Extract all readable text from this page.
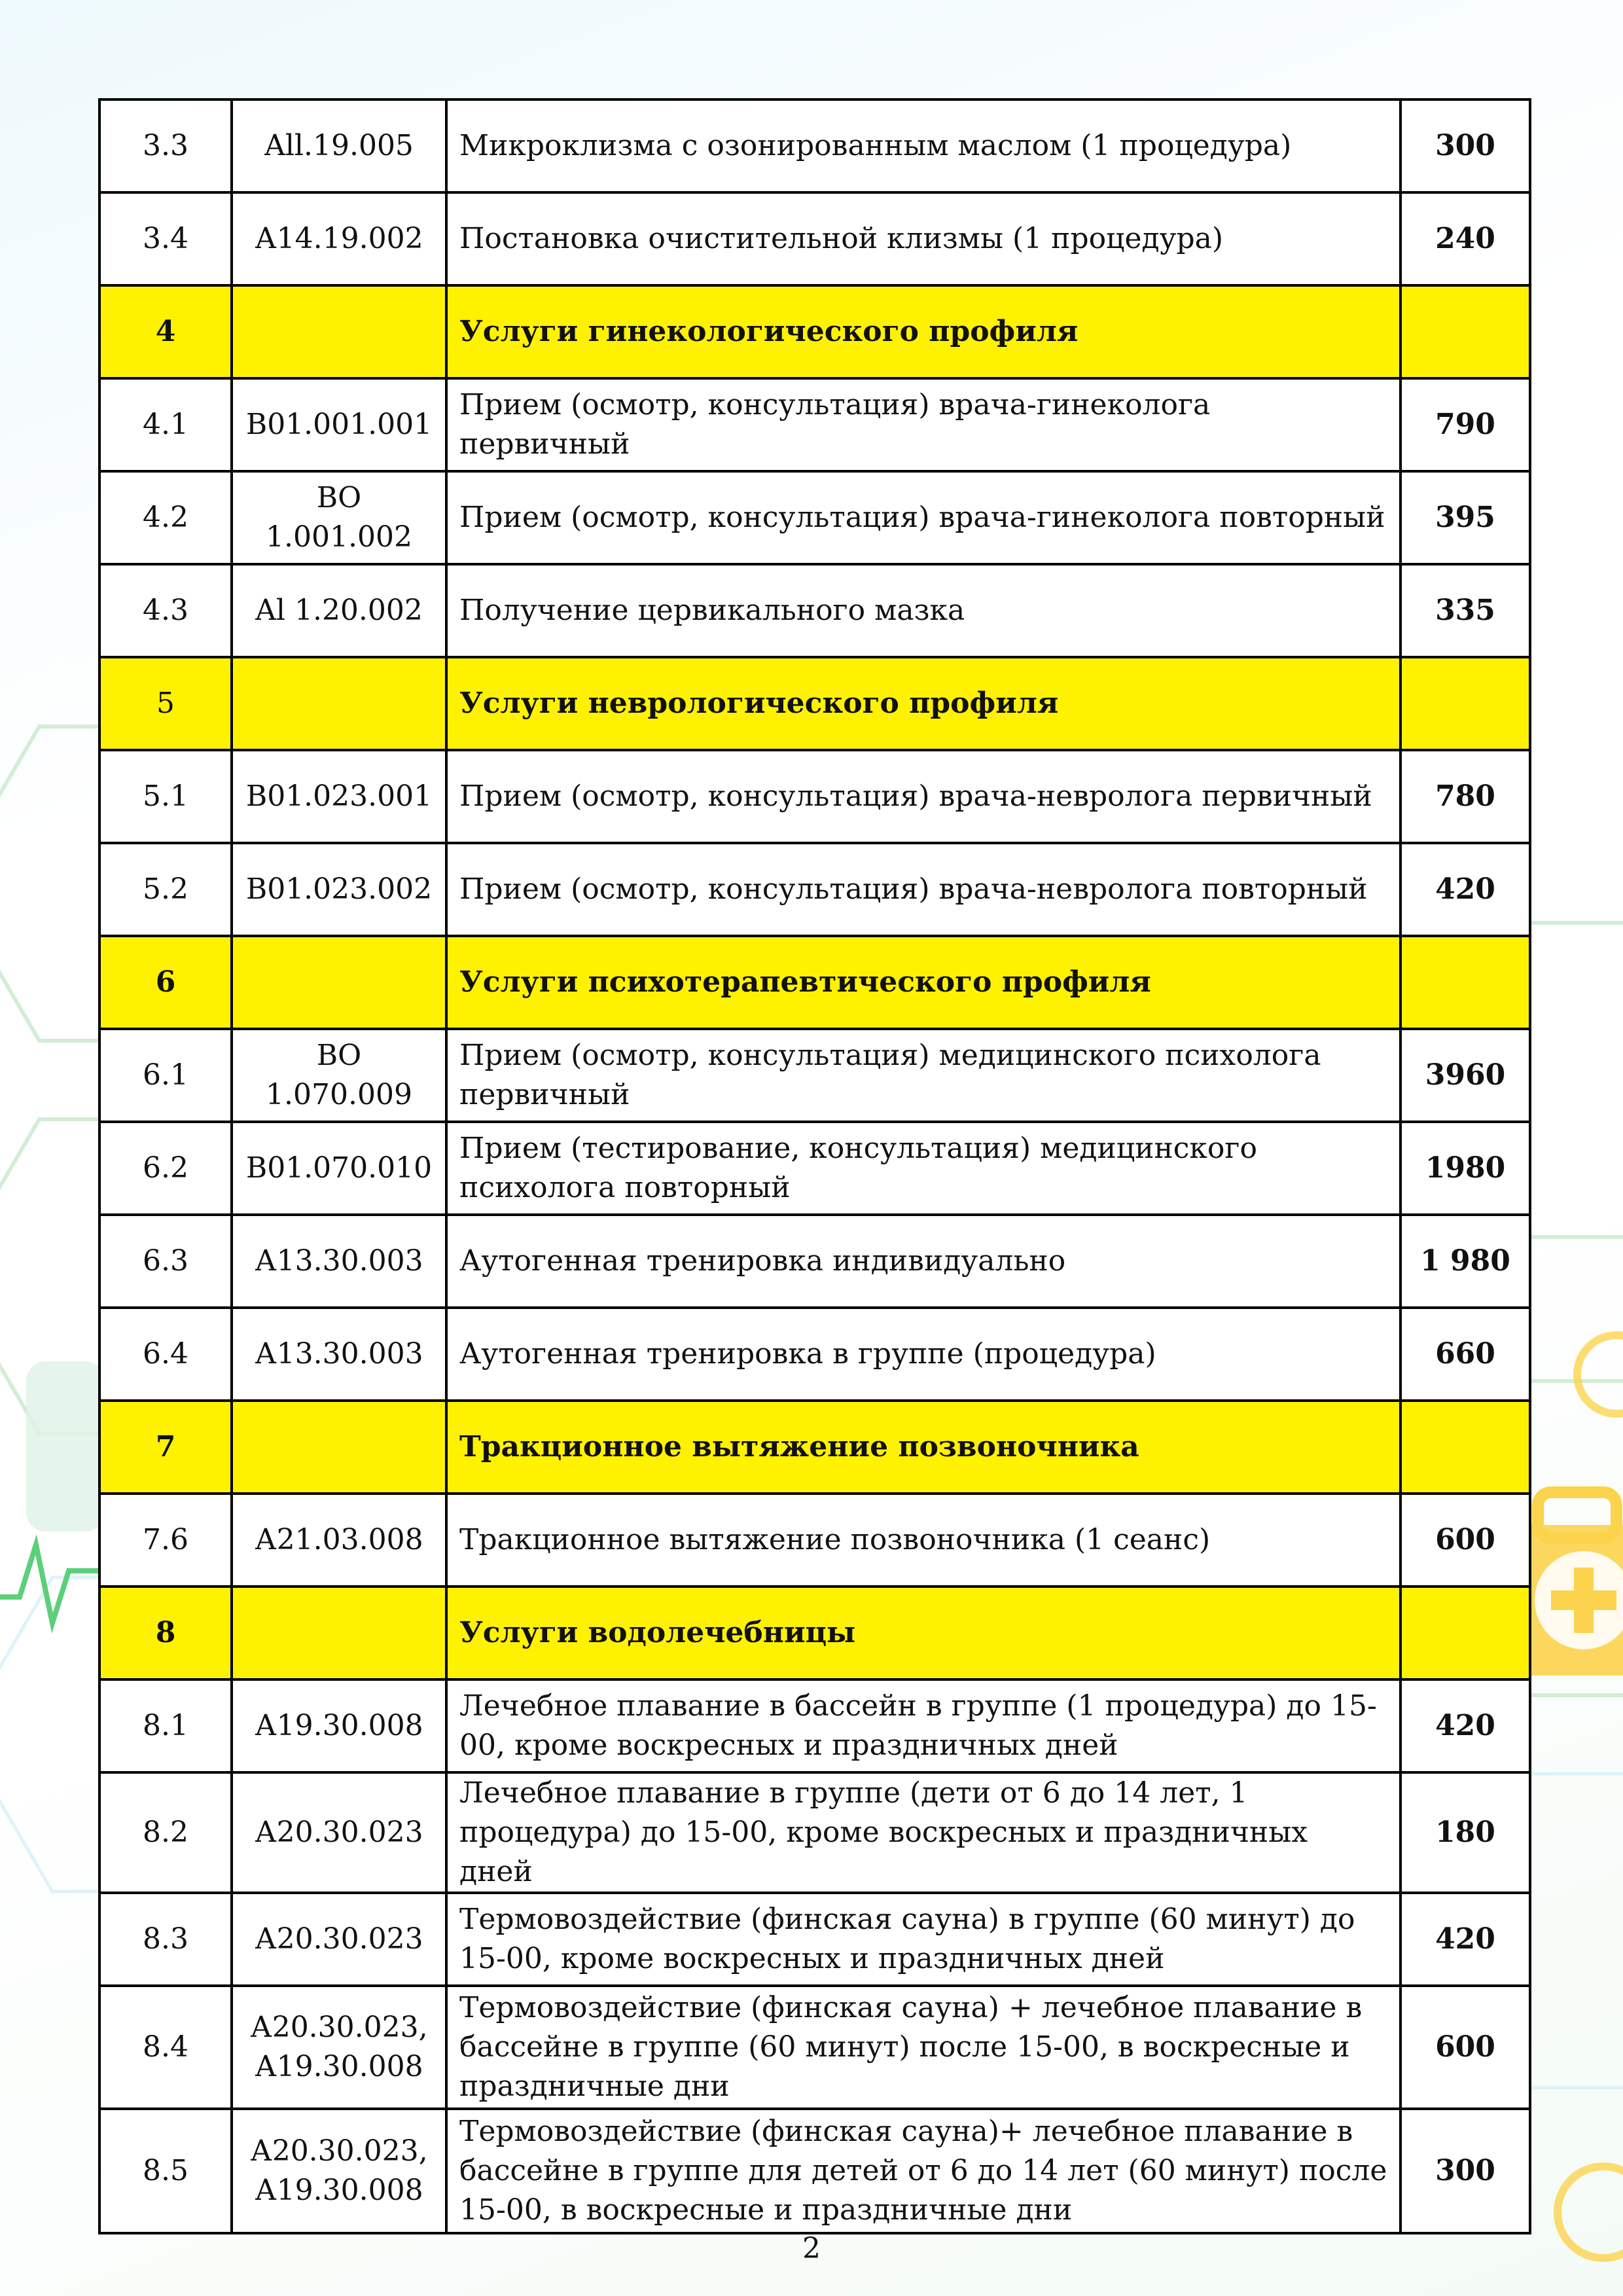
3.3	All.19.005	Микроклизма с озонированным маслом (1 процедура)	300
3.4	А14.19.002	Постановка очистительной клизмы (1 процедура)	240
4		Услуги гинекологического профиля	
4.1	В01.001.001	Прием (осмотр, консультация) врача-гинеколога первичный	790
4.2	ВО 1.001.002	Прием (осмотр, консультация) врача-гинеколога повторный	395
4.3	Al 1.20.002	Получение цервикального мазка	335
5		Услуги неврологического профиля	
5.1	В01.023.001	Прием (осмотр, консультация) врача-невролога первичный	780
5.2	В01.023.002	Прием (осмотр, консультация) врача-невролога повторный	420
6		Услуги психотерапевтического профиля	
6.1	ВО 1.070.009	Прием (осмотр, консультация) медицинского психолога первичный	3960
6.2	В01.070.010	Прием (тестирование, консультация) медицинского психолога повторный	1980
6.3	А13.30.003	Аутогенная тренировка индивидуально	1 980
6.4	А13.30.003	Аутогенная тренировка в группе (процедура)	660
7		Тракционное вытяжение позвоночника	
7.6	А21.03.008	Тракционное вытяжение позвоночника (1 сеанс)	600
8		Услуги водолечебницы	
8.1	А19.30.008	Лечебное плавание в бассейн в группе (1 процедура) до 15-00, кроме воскресных и праздничных дней	420
8.2	А20.30.023	Лечебное плавание в группе (дети от 6 до 14 лет, 1 процедура) до 15-00, кроме воскресных и праздничных дней	180
8.3	А20.30.023	Термовоздействие (финская сауна) в группе (60 минут) до 15-00, кроме воскресных и праздничных дней	420
8.4	А20.30.023, А19.30.008	Термовоздействие (финская сауна) + лечебное плавание в бассейне в группе (60 минут) после 15-00, в воскресные и праздничные дни	600
8.5	А20.30.023, А19.30.008	Термовоздействие (финская сауна)+ лечебное плавание в бассейне в группе для детей от 6 до 14 лет (60 минут) после 15-00, в воскресные и праздничные дни	300
2
